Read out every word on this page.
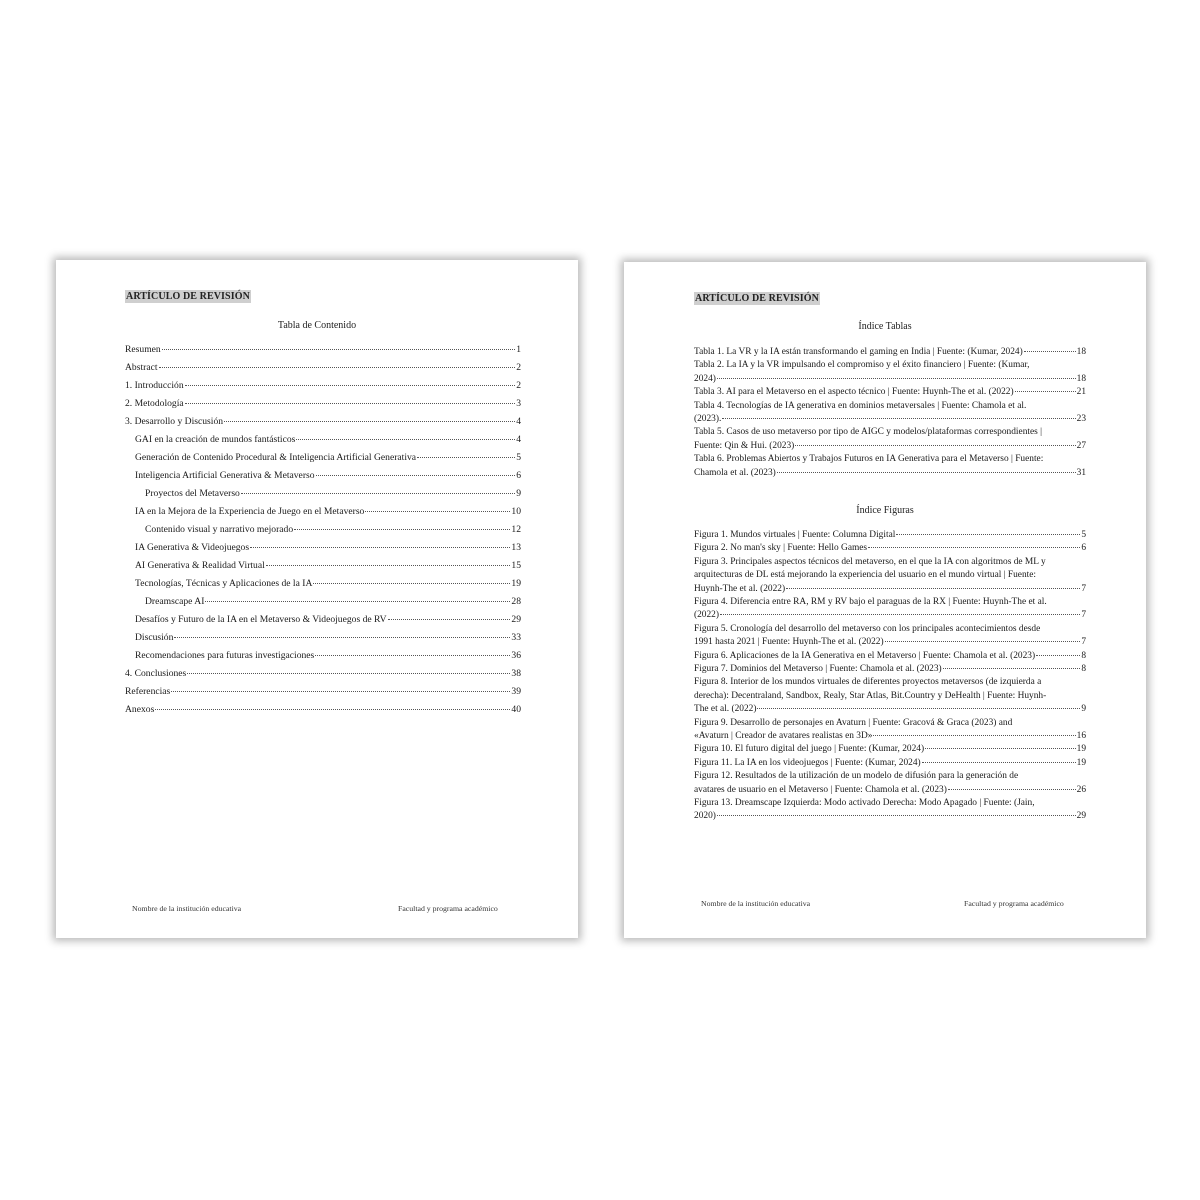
ARTÍCULO DE REVISIÓN
Tabla de Contenido
Resumen	1
Abstract	2
1. Introducción	2
2. Metodología	3
3. Desarrollo y Discusión	4
GAI en la creación de mundos fantásticos	4
Generación de Contenido Procedural & Inteligencia Artificial Generativa	5
Inteligencia Artificial Generativa & Metaverso	6
Proyectos del Metaverso	9
IA en la Mejora de la Experiencia de Juego en el Metaverso	10
Contenido visual y narrativo mejorado	12
IA Generativa & Videojuegos	13
AI Generativa & Realidad Virtual	15
Tecnologías, Técnicas y Aplicaciones de la IA	19
Dreamscape AI	28
Desafíos y Futuro de la IA en el Metaverso & Videojuegos de RV	29
Discusión	33
Recomendaciones para futuras investigaciones	36
4. Conclusiones	38
Referencias	39
Anexos	40
Nombre de la institución educativa	Facultad y programa académico
ARTÍCULO DE REVISIÓN
Índice Tablas
Tabla 1. La VR y la IA están transformando el gaming en India | Fuente: (Kumar, 2024)	18
Tabla 2. La IA y la VR impulsando el compromiso y el éxito financiero | Fuente: (Kumar,
2024)	18
Tabla 3. AI para el Metaverso en el aspecto técnico | Fuente: Huynh-The et al. (2022)	21
Tabla 4. Tecnologías de IA generativa en dominios metaversales | Fuente: Chamola et al.
(2023).	23
Tabla 5. Casos de uso metaverso por tipo de AIGC y modelos/plataformas correspondientes |
Fuente: Qin & Hui. (2023)	27
Tabla 6. Problemas Abiertos y Trabajos Futuros en IA Generativa para el Metaverso | Fuente:
Chamola et al. (2023)	31
Índice Figuras
Figura 1. Mundos virtuales | Fuente: Columna Digital	5
Figura 2. No man's sky | Fuente: Hello Games	6
Figura 3. Principales aspectos técnicos del metaverso, en el que la IA con algoritmos de ML y
arquitecturas de DL está mejorando la experiencia del usuario en el mundo virtual | Fuente:
Huynh-The et al. (2022)	7
Figura 4. Diferencia entre RA, RM y RV bajo el paraguas de la RX | Fuente: Huynh-The et al.
(2022)	7
Figura 5. Cronología del desarrollo del metaverso con los principales acontecimientos desde
1991 hasta 2021 | Fuente: Huynh-The et al. (2022)	7
Figura 6. Aplicaciones de la IA Generativa en el Metaverso | Fuente: Chamola et al. (2023)	8
Figura 7. Dominios del Metaverso | Fuente: Chamola et al. (2023)	8
Figura 8. Interior de los mundos virtuales de diferentes proyectos metaversos (de izquierda a
derecha): Decentraland, Sandbox, Realy, Star Atlas, Bit.Country y DeHealth | Fuente: Huynh-
The et al. (2022)	9
Figura 9. Desarrollo de personajes en Avaturn | Fuente: Gracová & Graca (2023) and
«Avaturn | Creador de avatares realistas en 3D»	16
Figura 10. El futuro digital del juego | Fuente: (Kumar, 2024)	19
Figura 11. La IA en los videojuegos | Fuente: (Kumar, 2024)	19
Figura 12. Resultados de la utilización de un modelo de difusión para la generación de
avatares de usuario en el Metaverso | Fuente: Chamola et al. (2023)	26
Figura 13. Dreamscape Izquierda: Modo activado Derecha: Modo Apagado | Fuente: (Jain,
2020)	29
Nombre de la institución educativa	Facultad y programa académico
